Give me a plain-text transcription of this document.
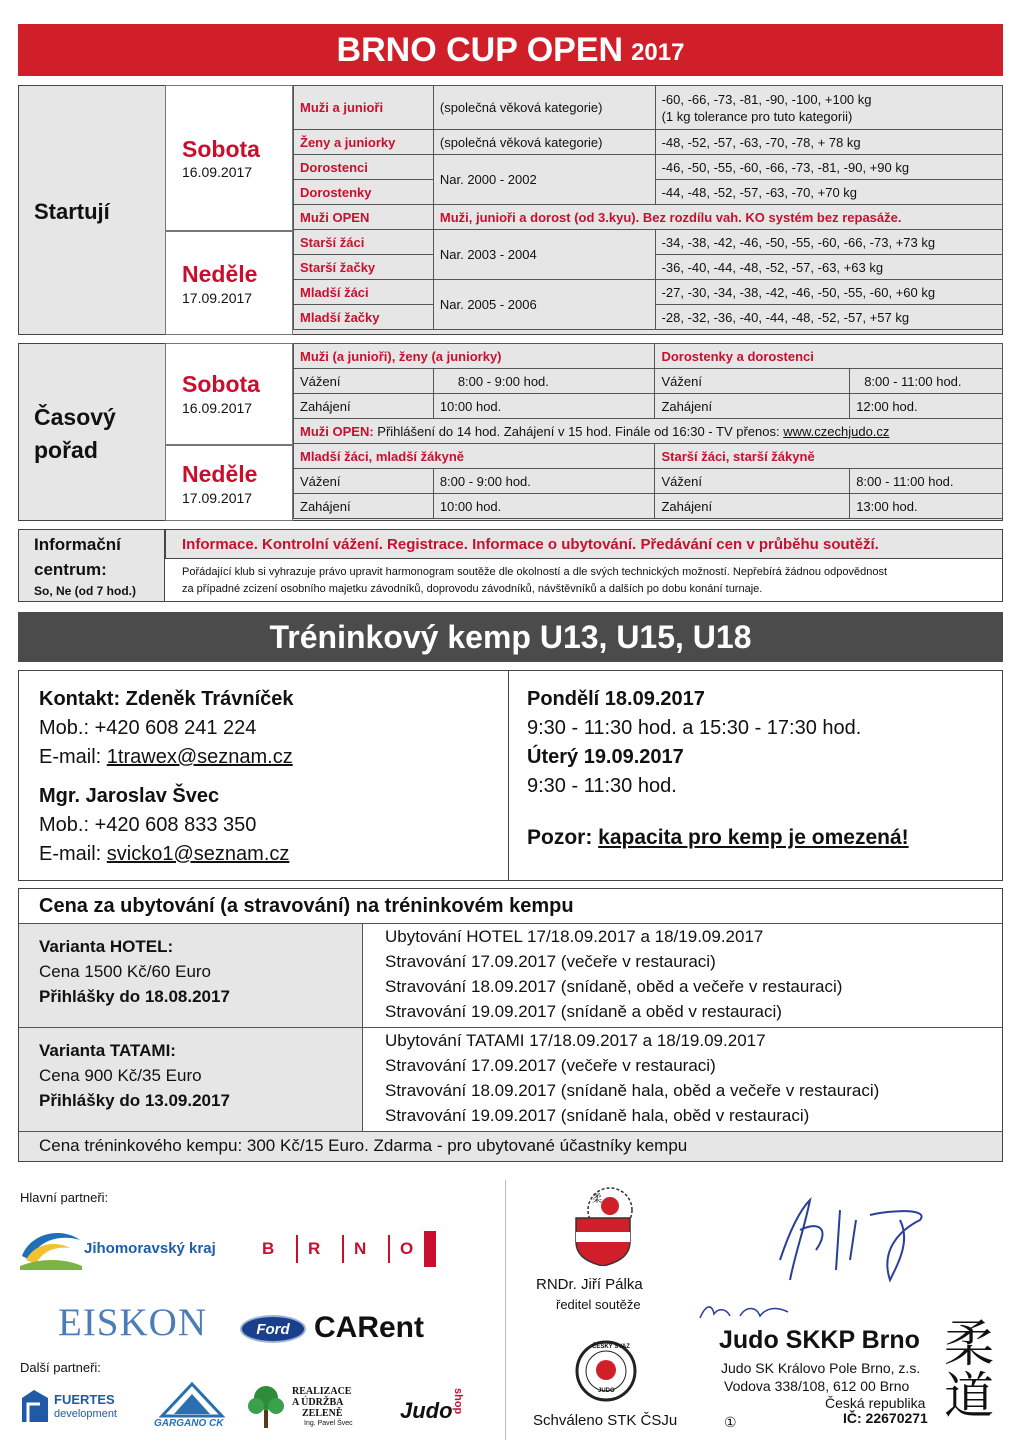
BRNO CUP OPEN 2017
Startují
Sobota
16.09.2017
Neděle
17.09.2017
Muži a junioři	(společná věková kategorie)	-60, -66, -73, -81, -90, -100, +100 kg
(1 kg tolerance pro tuto kategorii)

Ženy a juniorky	(společná věková kategorie)	-48, -52, -57, -63, -70, -78, + 78 kg
Dorostenci	Nar. 2000 - 2002	-46, -50, -55, -60, -66, -73, -81, -90, +90 kg
Dorostenky		-44, -48, -52, -57, -63, -70, +70 kg
Muži OPEN	Muži, junioři a dorost (od 3.kyu). Bez rozdílu vah. KO systém bez repasáže.	
Starší žáci	Nar. 2003 - 2004	-34, -38, -42, -46, -50, -55, -60, -66, -73, +73 kg
Starší žačky		-36, -40, -44, -48, -52, -57, -63, +63 kg
Mladší žáci	Nar. 2005 - 2006	-27, -30, -34, -38, -42, -46, -50, -55, -60, +60 kg
Mladší žačky		-28, -32, -36, -40, -44, -48, -52, -57, +57 kg
Časový
pořad
Sobota
16.09.2017
Neděle
17.09.2017
Muži (a junioři), ženy (a juniorky)		Dorostenky a dorostenci	
Vážení	8:00 - 9:00 hod.	Vážení	8:00 - 11:00 hod.
Zahájení	10:00 hod.	Zahájení	12:00 hod.
Muži OPEN: Přihlášení do 14 hod. Zahájení v 15 hod. Finále od 16:30 - TV přenos: www.czechjudo.cz			
Mladší žáci, mladší žákyně		Starší žáci, starší žákyně	
Vážení	8:00 - 9:00 hod.	Vážení	8:00 - 11:00 hod.
Zahájení	10:00 hod.	Zahájení	13:00 hod.
Informační
centrum:
So, Ne (od 7 hod.)
Informace. Kontrolní vážení. Registrace. Informace o ubytování. Předávání cen v průběhu soutěží.
Pořádající klub si vyhrazuje právo upravit harmonogram soutěže dle okolností a dle svých technických možností. Nepřebírá žádnou odpovědnost
za případné zcizení osobního majetku závodníků, doprovodu závodníků, návštěvníků a dalších po dobu konání turnaje.
Tréninkový kemp U13, U15, U18
Kontakt: Zdeněk Trávníček
Mob.: +420 608 241 224
E-mail: 1trawex@seznam.cz
Mgr. Jaroslav Švec
Mob.: +420 608 833 350
E-mail: svicko1@seznam.cz
Pondělí 18.09.2017
9:30 - 11:30 hod. a 15:30 - 17:30 hod.
Úterý 19.09.2017
9:30 - 11:30 hod.
Pozor: kapacita pro kemp je omezená!
Cena za ubytování (a stravování) na tréninkovém kempu
Varianta HOTEL:
Cena 1500 Kč/60 Euro
Přihlášky do 18.08.2017
Ubytování HOTEL 17/18.09.2017 a 18/19.09.2017
Stravování 17.09.2017 (večeře v restauraci)
Stravování 18.09.2017 (snídaně, oběd a večeře v restauraci)
Stravování 19.09.2017 (snídaně a oběd v restauraci)
Varianta TATAMI:
Cena 900 Kč/35 Euro
Přihlášky do 13.09.2017
Ubytování TATAMI 17/18.09.2017 a 18/19.09.2017
Stravování 17.09.2017 (večeře v restauraci)
Stravování 18.09.2017 (snídaně hala, oběd a večeře v restauraci)
Stravování 19.09.2017 (snídaně hala, oběd v restauraci)
Cena tréninkového kempu: 300 Kč/15 Euro. Zdarma - pro ubytované účastníky kempu
Hlavní partneři:
Jihomoravský kraj	B	R	N	O
EISKON	Ford CARent
Další partneři:
FUERTES
development
GARGANO CK
REALIZACE
A ÚDRŽBA
ZELENĚ
Ing. Pavel Švec
Judo shop
柔
RNDr. Jiří Pálka
ředitel soutěže
ČESKÝ SVAZ
JUDO
Schváleno STK ČSJu	①
Judo SKKP Brno
Judo SK Královo Pole Brno, z.s.
Vodova 338/108, 612 00 Brno
Česká republika
IČ: 22670271
柔
道
